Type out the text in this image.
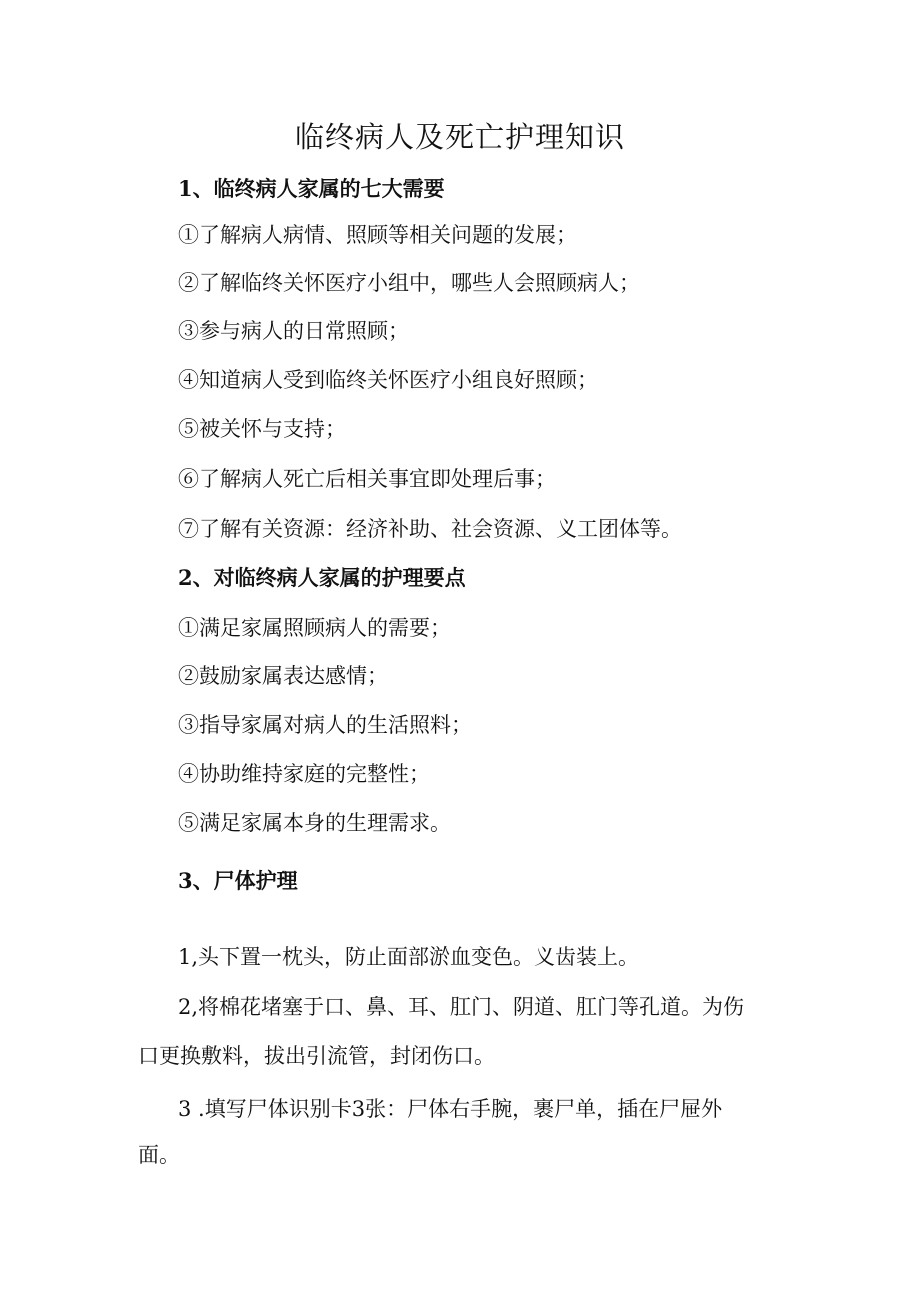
临终病人及死亡护理知识
1、临终病人家属的七大需要
①了解病人病情、照顾等相关问题的发展；
②了解临终关怀医疗小组中，哪些人会照顾病人；
③参与病人的日常照顾；
④知道病人受到临终关怀医疗小组良好照顾；
⑤被关怀与支持；
⑥了解病人死亡后相关事宜即处理后事；
⑦了解有关资源：经济补助、社会资源、义工团体等。
2、对临终病人家属的护理要点
①满足家属照顾病人的需要；
②鼓励家属表达感情；
③指导家属对病人的生活照料；
④协助维持家庭的完整性；
⑤满足家属本身的生理需求。
3、尸体护理
1,头下置一枕头，防止面部淤血变色。义齿装上。
2,将棉花堵塞于口、鼻、耳、肛门、阴道、肛门等孔道。为伤
口更换敷料，拔出引流管，封闭伤口。
3 .填写尸体识别卡3张：尸体右手腕，裹尸单，插在尸屉外
面。
